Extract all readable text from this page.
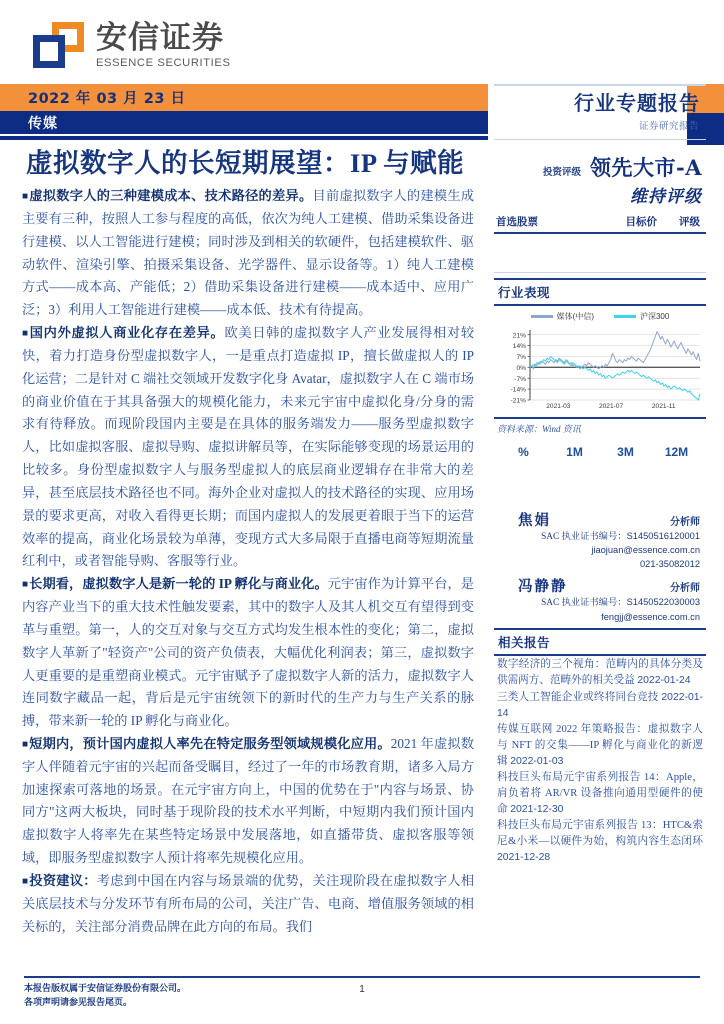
安信证券
ESSENCE SECURITIES
2022 年 03 月 23 日
传媒
虚拟数字人的长短期展望：IP 与赋能

■ 虚拟数字人的三种建模成本、技术路径的差异。目前虚拟数字人的建模生成主要有三种，按照人工参与程度的高低，依次为纯人工建模、借助采集设备进行建模、以人工智能进行建模；同时涉及到相关的软硬件，包括建模软件、驱动软件、渲染引擎、拍摄采集设备、光学器件、显示设备等。1）纯人工建模方式——成本高、产能低；2）借助采集设备进行建模——成本适中、应用广泛；3）利用人工智能进行建模——成本低、技术有待提高。

■ 国内外虚拟人商业化存在差异。欧美日韩的虚拟数字人产业发展得相对较快，着力打造身份型虚拟数字人，一是重点打造虚拟 IP，擅长做虚拟人的 IP 化运营；二是针对 C 端社交领域开发数字化身 Avatar，虚拟数字人在 C 端市场的商业价值在于其具备强大的规模化能力，未来元宇宙中虚拟化身/分身的需求有待释放。而现阶段国内主要是在具体的服务端发力——服务型虚拟数字人，比如虚拟客服、虚拟导购、虚拟讲解员等，在实际能够变现的场景运用的比较多。身份型虚拟数字人与服务型虚拟人的底层商业逻辑存在非常大的差异，甚至底层技术路径也不同。海外企业对虚拟人的技术路径的实现、应用场景的要求更高，对收入看得更长期；而国内虚拟人的发展更着眼于当下的运营效率的提高，商业化场景较为单薄，变现方式大多局限于直播电商等短期流量红利中，或者智能导购、客服等行业。

■ 长期看，虚拟数字人是新一轮的 IP 孵化与商业化。元宇宙作为计算平台，是内容产业当下的重大技术性触发要素，其中的数字人及其人机交互有望得到变革与重塑。第一，人的交互对象与交互方式均发生根本性的变化；第二，虚拟数字人革新了"轻资产"公司的资产负债表，大幅优化利润表；第三，虚拟数字人更重要的是重塑商业模式。元宇宙赋予了虚拟数字人新的活力，虚拟数字人连同数字藏品一起，背后是元宇宙统领下的新时代的生产力与生产关系的脉搏，带来新一轮的 IP 孵化与商业化。

■ 短期内，预计国内虚拟人率先在特定服务型领域规模化应用。2021 年虚拟数字人伴随着元宇宙的兴起而备受瞩目，经过了一年的市场教育期，诸多入局方加速探索可落地的场景。在元宇宙方向上，中国的优势在于"内容与场景、协同方"这两大板块，同时基于现阶段的技术水平判断，中短期内我们预计国内虚拟数字人将率先在某些特定场景中发展落地，如直播带货、虚拟客服等领域，即服务型虚拟数字人预计将率先规模化应用。

■ 投资建议：考虑到中国在内容与场景端的优势，关注现阶段在虚拟数字人相关底层技术与分发环节有所布局的公司，关注广告、电商、增值服务领域的相关标的，关注部分消费品牌在此方向的布局。我们

行业专题报告
证券研究报告
投资评级 领先大市-A
维持评级
首选股票	目标价 评级
行业表现
媒体(中信)	沪深300
21%
14%
7%
0%
-7%
-14%
-21%
2021-03	2021-07	2021-11
资料来源：Wind 资讯
%	1M	3M	12M
焦娟	分析师
SAC 执业证书编号：S1450516120001
jiaojuan@essence.com.cn
021-35082012
冯静静	分析师
SAC 执业证书编号：S1450522030003
fengjj@essence.com.cn
相关报告
数字经济的三个视角：范畴内的具体分类及供需两方、范畴外的相关受益 2022-01-24
三类人工智能企业或终将同台竞技 2022-01-14
传媒互联网 2022 年策略报告：虚拟数字人与 NFT 的交集——IP 孵化与商业化的新逻辑 2022-01-03
科技巨头布局元宇宙系列报告 14：Apple，肩负着将 AR/VR 设备推向通用型硬件的使命 2021-12-30
科技巨头布局元宇宙系列报告 13：HTC&索尼&小米—以硬件为始，构筑内容生态闭环 2021-12-28
本报告版权属于安信证券股份有限公司。
各项声明请参见报告尾页。
1
